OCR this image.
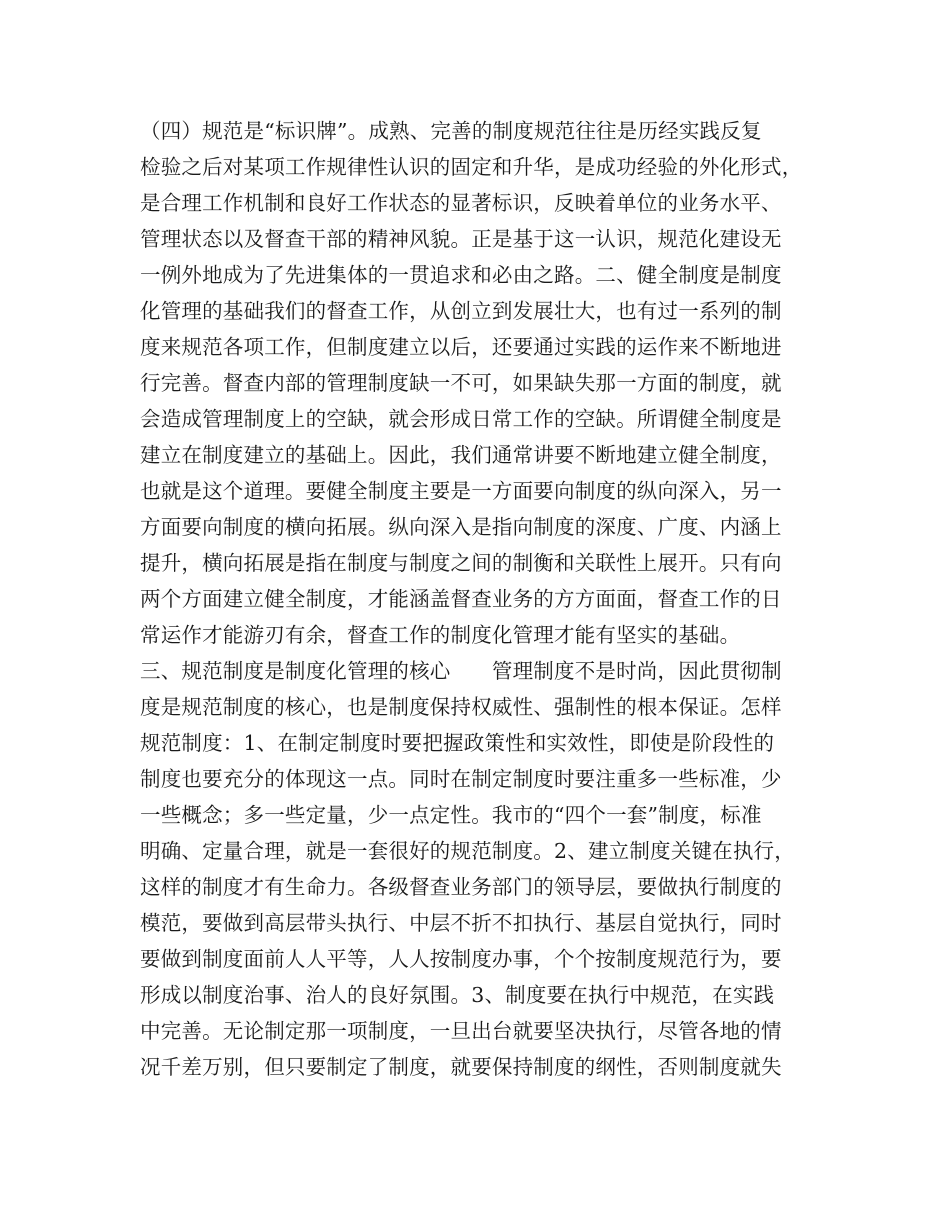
（四）规范是“标识牌”。成熟、完善的制度规范往往是历经实践反复
检验之后对某项工作规律性认识的固定和升华，是成功经验的外化形式，
是合理工作机制和良好工作状态的显著标识，反映着单位的业务水平、
管理状态以及督查干部的精神风貌。正是基于这一认识，规范化建设无
一例外地成为了先进集体的一贯追求和必由之路。二、健全制度是制度
化管理的基础我们的督查工作，从创立到发展壮大，也有过一系列的制
度来规范各项工作，但制度建立以后，还要通过实践的运作来不断地进
行完善。督查内部的管理制度缺一不可，如果缺失那一方面的制度，就
会造成管理制度上的空缺，就会形成日常工作的空缺。所谓健全制度是
建立在制度建立的基础上。因此，我们通常讲要不断地建立健全制度，
也就是这个道理。要健全制度主要是一方面要向制度的纵向深入，另一
方面要向制度的横向拓展。纵向深入是指向制度的深度、广度、内涵上
提升，横向拓展是指在制度与制度之间的制衡和关联性上展开。只有向
两个方面建立健全制度，才能涵盖督查业务的方方面面，督查工作的日
常运作才能游刃有余，督查工作的制度化管理才能有坚实的基础。
三、规范制度是制度化管理的核心　　管理制度不是时尚，因此贯彻制
度是规范制度的核心，也是制度保持权威性、强制性的根本保证。怎样
规范制度：1、在制定制度时要把握政策性和实效性，即使是阶段性的
制度也要充分的体现这一点。同时在制定制度时要注重多一些标准，少
一些概念；多一些定量，少一点定性。我市的“四个一套”制度，标准
明确、定量合理，就是一套很好的规范制度。2、建立制度关键在执行，
这样的制度才有生命力。各级督查业务部门的领导层，要做执行制度的
模范，要做到高层带头执行、中层不折不扣执行、基层自觉执行，同时
要做到制度面前人人平等，人人按制度办事，个个按制度规范行为，要
形成以制度治事、治人的良好氛围。3、制度要在执行中规范，在实践
中完善。无论制定那一项制度，一旦出台就要坚决执行，尽管各地的情
况千差万别，但只要制定了制度，就要保持制度的纲性，否则制度就失
